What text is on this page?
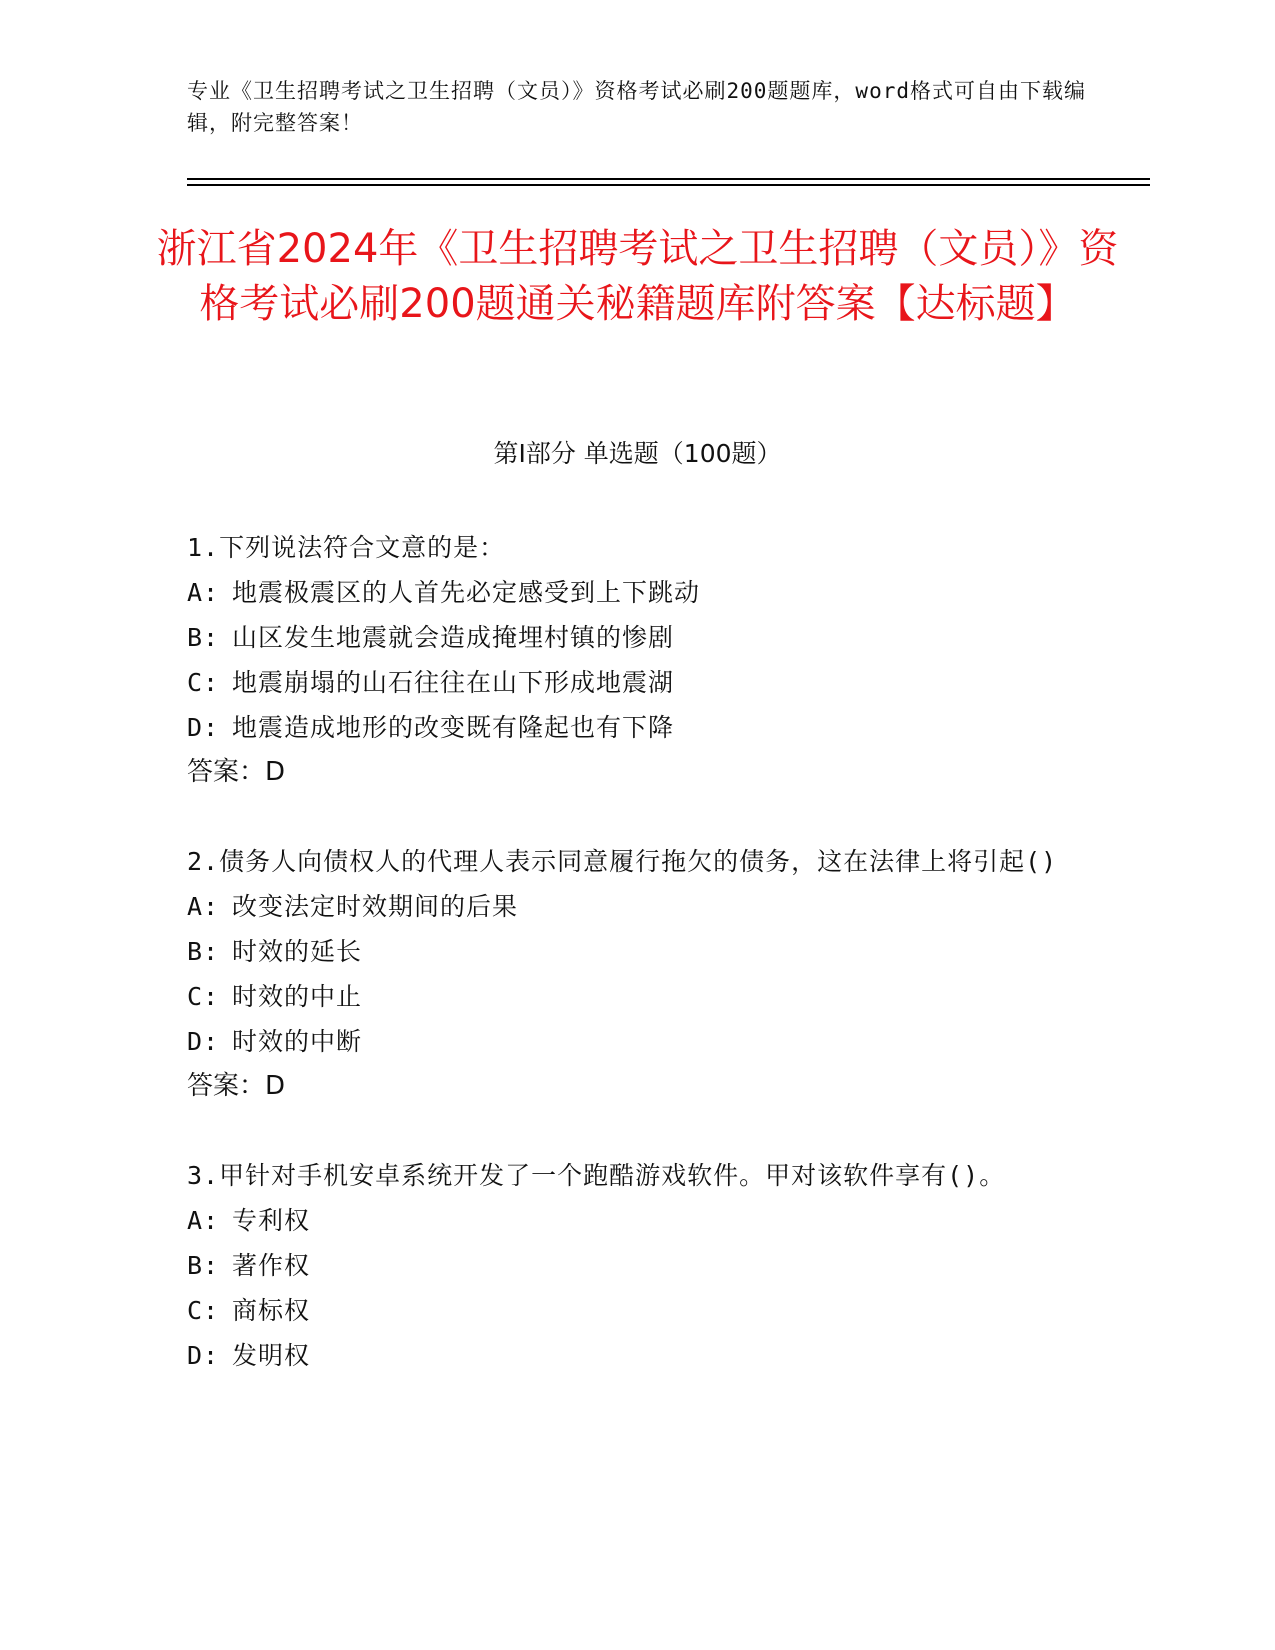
专业《卫生招聘考试之卫生招聘（文员）》资格考试必刷200题题库，word格式可自由下载编辑，附完整答案！
浙江省2024年《卫生招聘考试之卫生招聘（文员）》资格考试必刷200题通关秘籍题库附答案【达标题】
第I部分 单选题（100题）
1.下列说法符合文意的是：
A: 地震极震区的人首先必定感受到上下跳动
B: 山区发生地震就会造成掩埋村镇的惨剧
C: 地震崩塌的山石往往在山下形成地震湖
D: 地震造成地形的改变既有隆起也有下降
答案：D
2.债务人向债权人的代理人表示同意履行拖欠的债务，这在法律上将引起()
A: 改变法定时效期间的后果
B: 时效的延长
C: 时效的中止
D: 时效的中断
答案：D
3.甲针对手机安卓系统开发了一个跑酷游戏软件。甲对该软件享有()。
A: 专利权
B: 著作权
C: 商标权
D: 发明权
